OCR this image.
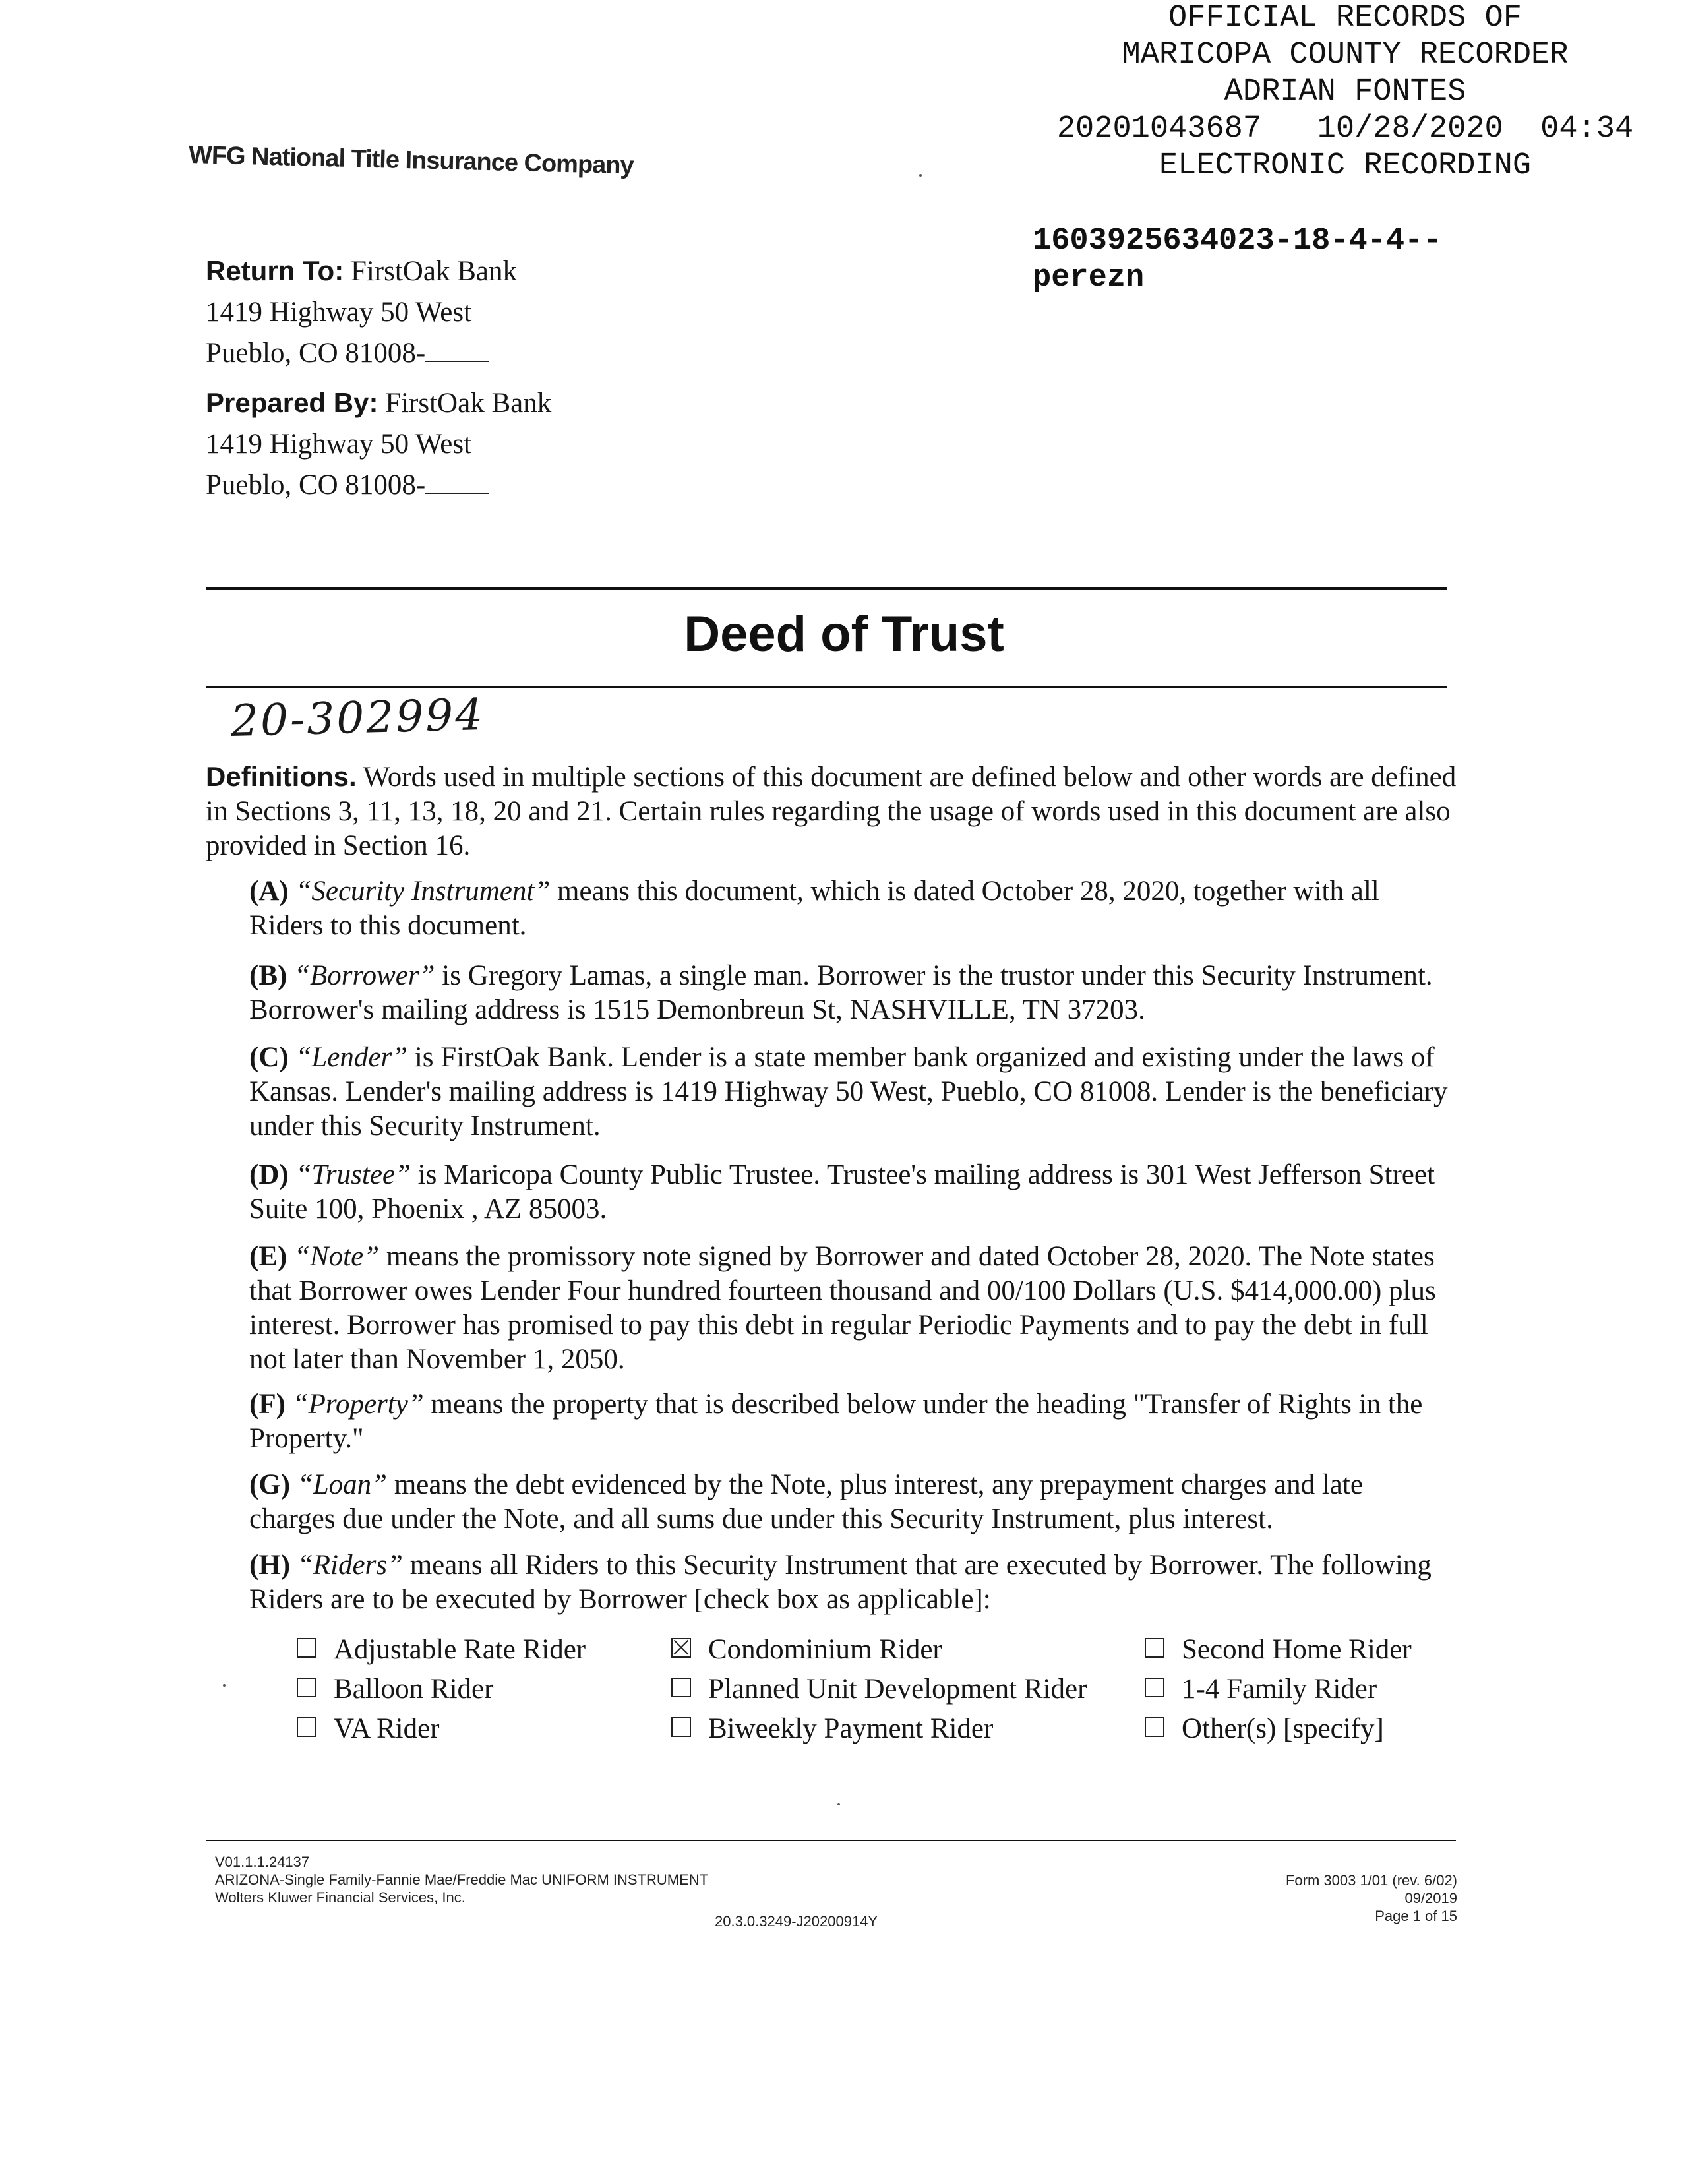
OFFICIAL RECORDS OF
MARICOPA COUNTY RECORDER
ADRIAN FONTES
20201043687   10/28/2020  04:34
ELECTRONIC RECORDING
1603925634023-18-4-4--
perezn
WFG National Title Insurance Company
Return To: FirstOak Bank
1419 Highway 50 West
Pueblo, CO 81008-
Prepared By: FirstOak Bank
1419 Highway 50 West
Pueblo, CO 81008-
Deed of Trust
20-302994
Definitions. Words used in multiple sections of this document are defined below and other words are defined in Sections 3, 11, 13, 18, 20 and 21. Certain rules regarding the usage of words used in this document are also provided in Section 16.
(A) “Security Instrument” means this document, which is dated October 28, 2020, together with all Riders to this document.
(B) “Borrower” is Gregory Lamas, a single man. Borrower is the trustor under this Security Instrument. Borrower's mailing address is 1515 Demonbreun St, NASHVILLE, TN 37203.
(C) “Lender” is FirstOak Bank. Lender is a state member bank organized and existing under the laws of Kansas. Lender's mailing address is 1419 Highway 50 West, Pueblo, CO 81008. Lender is the beneficiary under this Security Instrument.
(D) “Trustee” is Maricopa County Public Trustee. Trustee's mailing address is 301 West Jefferson Street Suite 100, Phoenix , AZ 85003.
(E) “Note” means the promissory note signed by Borrower and dated October 28, 2020. The Note states that Borrower owes Lender Four hundred fourteen thousand and 00/100 Dollars (U.S. $414,000.00) plus interest. Borrower has promised to pay this debt in regular Periodic Payments and to pay the debt in full not later than November 1, 2050.
(F) “Property” means the property that is described below under the heading "Transfer of Rights in the Property."
(G) “Loan” means the debt evidenced by the Note, plus interest, any prepayment charges and late charges due under the Note, and all sums due under this Security Instrument, plus interest.
(H) “Riders” means all Riders to this Security Instrument that are executed by Borrower. The following Riders are to be executed by Borrower [check box as applicable]:
Adjustable Rate Rider	Condominium Rider	Second Home Rider
Balloon Rider	Planned Unit Development Rider	1-4 Family Rider
VA Rider	Biweekly Payment Rider	Other(s) [specify]
V01.1.1.24137
ARIZONA-Single Family-Fannie Mae/Freddie Mac UNIFORM INSTRUMENT
Wolters Kluwer Financial Services, Inc.
20.3.0.3249-J20200914Y
Form 3003 1/01 (rev. 6/02)
09/2019
Page 1 of 15
